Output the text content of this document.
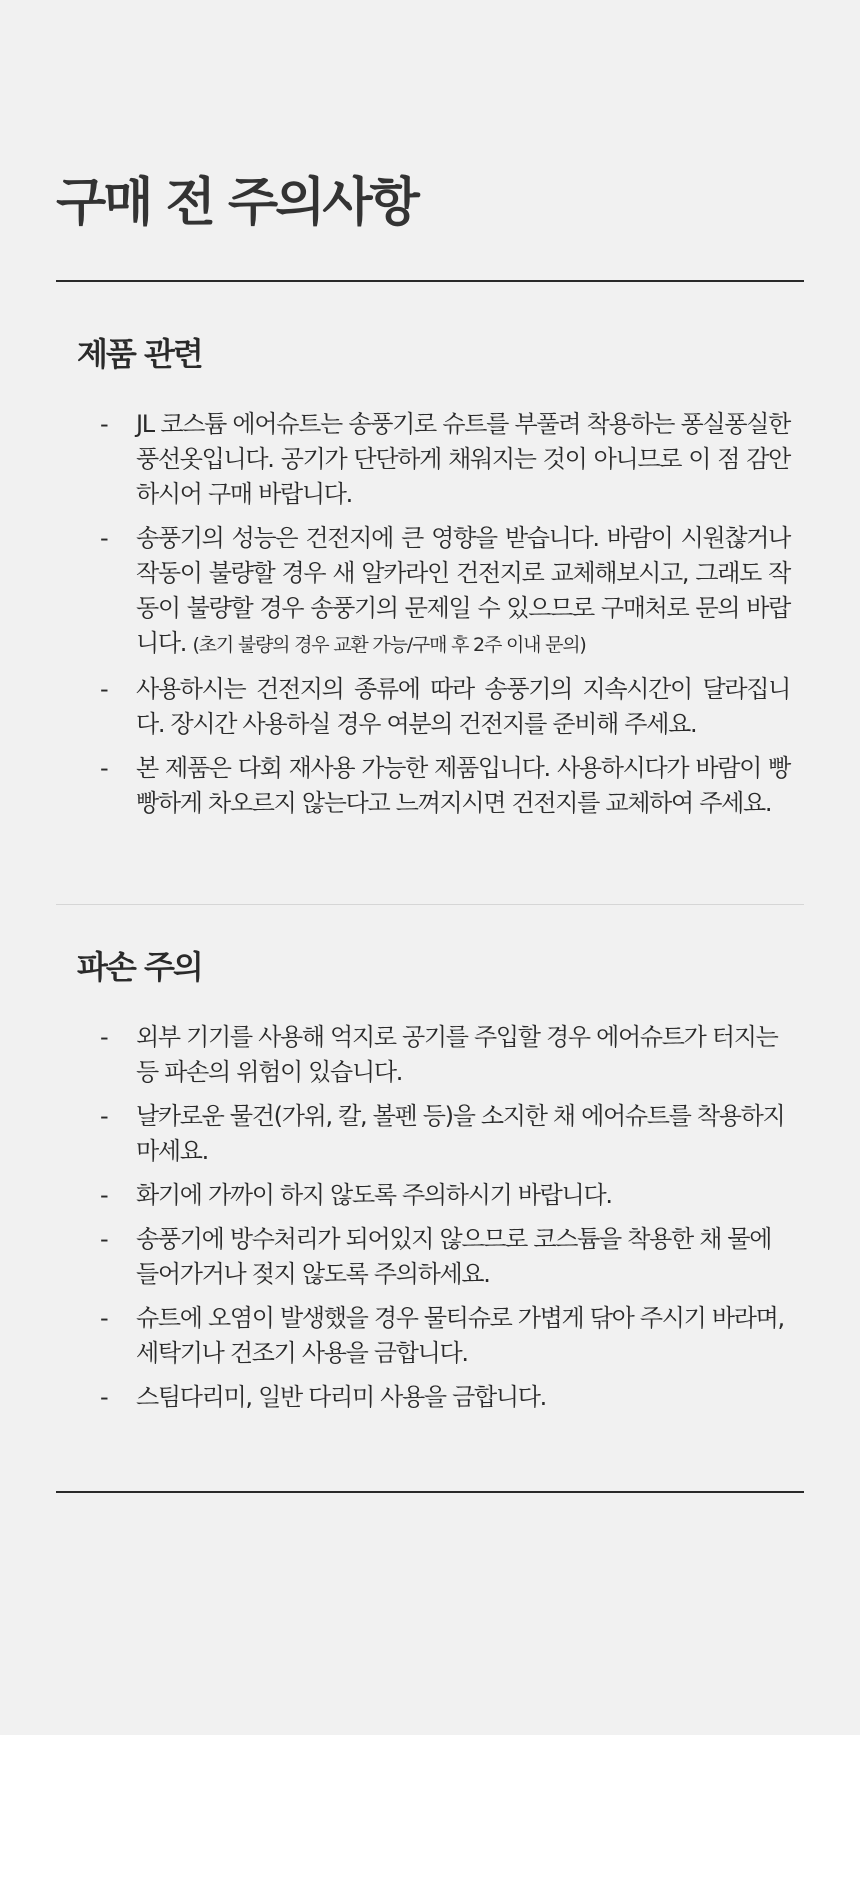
구매 전 주의사항
제품 관련
-	JL 코스튬 에어슈트는 송풍기로 슈트를 부풀려 착용하는 퐁실퐁실한 풍선옷입니다. 공기가 단단하게 채워지는 것이 아니므로 이 점 감안하시어 구매 바랍니다.
-	송풍기의 성능은 건전지에 큰 영향을 받습니다. 바람이 시원찮거나 작동이 불량할 경우 새 알카라인 건전지로 교체해보시고, 그래도 작동이 불량할 경우 송풍기의 문제일 수 있으므로 구매처로 문의 바랍니다. (초기 불량의 경우 교환 가능/구매 후 2주 이내 문의)
-	사용하시는 건전지의 종류에 따라 송풍기의 지속시간이 달라집니다. 장시간 사용하실 경우 여분의 건전지를 준비해 주세요.
-	본 제품은 다회 재사용 가능한 제품입니다. 사용하시다가 바람이 빵빵하게 차오르지 않는다고 느껴지시면 건전지를 교체하여 주세요.
파손 주의
-	외부 기기를 사용해 억지로 공기를 주입할 경우 에어슈트가 터지는 등 파손의 위험이 있습니다.
-	날카로운 물건(가위, 칼, 볼펜 등)을 소지한 채 에어슈트를 착용하지 마세요.
-	화기에 가까이 하지 않도록 주의하시기 바랍니다.
-	송풍기에 방수처리가 되어있지 않으므로 코스튬을 착용한 채 물에 들어가거나 젖지 않도록 주의하세요.
-	슈트에 오염이 발생했을 경우 물티슈로 가볍게 닦아 주시기 바라며, 세탁기나 건조기 사용을 금합니다.
-	스팀다리미, 일반 다리미 사용을 금합니다.
